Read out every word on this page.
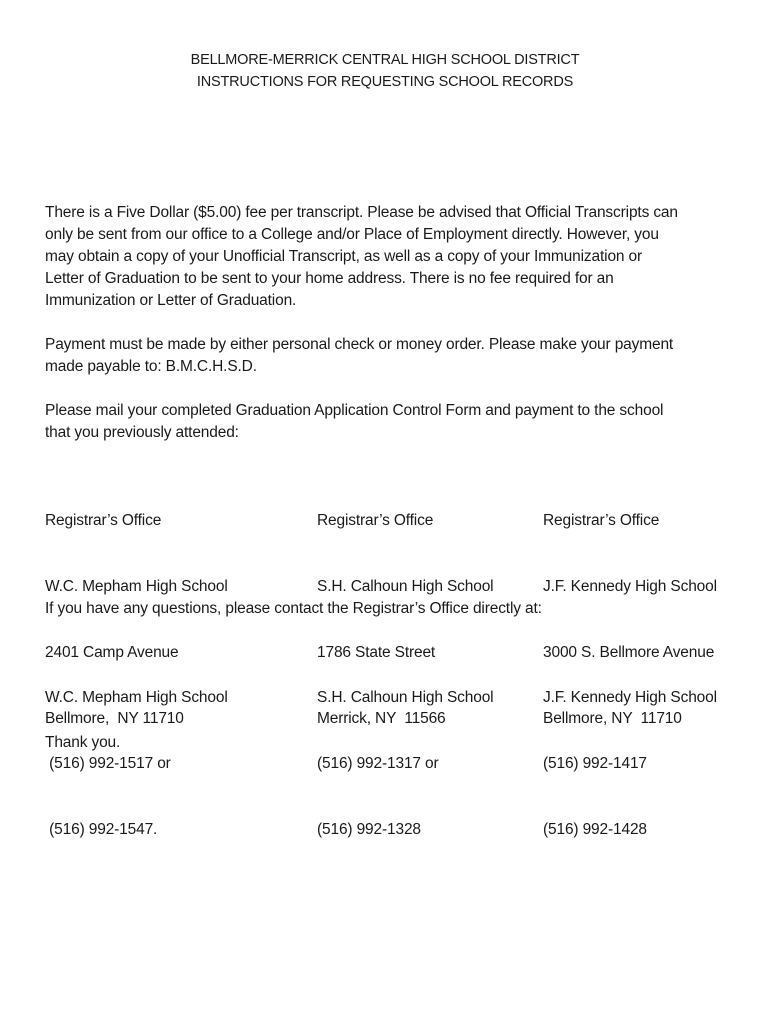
BELLMORE-MERRICK CENTRAL HIGH SCHOOL DISTRICT
INSTRUCTIONS FOR REQUESTING SCHOOL RECORDS
There is a Five Dollar ($5.00) fee per transcript. Please be advised that Official Transcripts can
only be sent from our office to a College and/or Place of Employment directly. However, you
may obtain a copy of your Unofficial Transcript, as well as a copy of your Immunization or
Letter of Graduation to be sent to your home address. There is no fee required for an
Immunization or Letter of Graduation.
Payment must be made by either personal check or money order. Please make your payment
made payable to: B.M.C.H.S.D.
Please mail your completed Graduation Application Control Form and payment to the school
that you previously attended:

Registrar’s Office

W.C. Mepham High School

2401 Camp Avenue

Bellmore,  NY 11710

Registrar’s Office

S.H. Calhoun High School

1786 State Street

Merrick, NY  11566

Registrar’s Office

J.F. Kennedy High School

3000 S. Bellmore Avenue

Bellmore, NY  11710

If you have any questions, please contact the Registrar’s Office directly at:

W.C. Mepham High School

(516) 992-1517 or

(516) 992-1547.

S.H. Calhoun High School

(516) 992-1317 or

(516) 992-1328

J.F. Kennedy High School

(516) 992-1417

(516) 992-1428

Thank you.
